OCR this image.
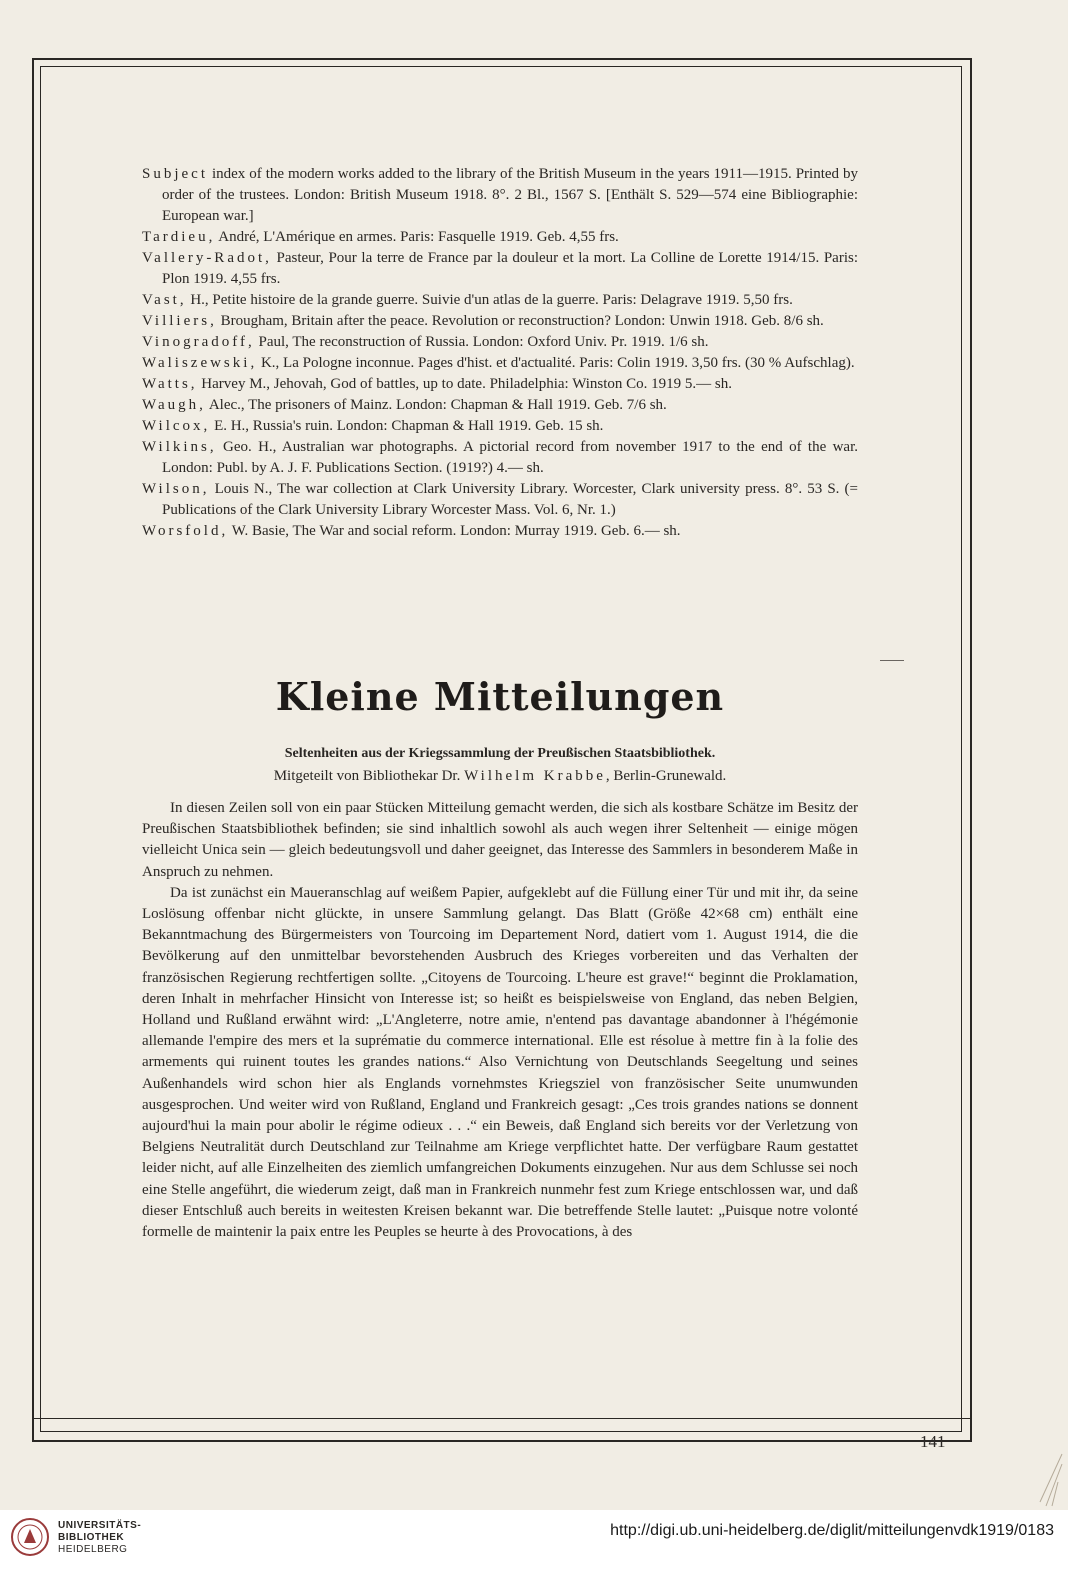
Subject index of the modern works added to the library of the British Museum in the years 1911—1915. Printed by order of the trustees. London: British Museum 1918. 8°. 2 Bl., 1567 S. [Enthält S. 529—574 eine Bibliographie: European war.]

Tardieu, André, L'Amérique en armes. Paris: Fasquelle 1919. Geb. 4,55 frs.

Vallery-Radot, Pasteur, Pour la terre de France par la douleur et la mort. La Colline de Lorette 1914/15. Paris: Plon 1919. 4,55 frs.

Vast, H., Petite histoire de la grande guerre. Suivie d'un atlas de la guerre. Paris: Delagrave 1919. 5,50 frs.

Villiers, Brougham, Britain after the peace. Revolution or reconstruction? London: Unwin 1918. Geb. 8/6 sh.

Vinogradoff, Paul, The reconstruction of Russia. London: Oxford Univ. Pr. 1919. 1/6 sh.

Waliszewski, K., La Pologne inconnue. Pages d'hist. et d'actualité. Paris: Colin 1919. 3,50 frs. (30 % Aufschlag).

Watts, Harvey M., Jehovah, God of battles, up to date. Philadelphia: Winston Co. 1919 5.— sh.

Waugh, Alec., The prisoners of Mainz. London: Chapman & Hall 1919. Geb. 7/6 sh.

Wilcox, E. H., Russia's ruin. London: Chapman & Hall 1919. Geb. 15 sh.

Wilkins, Geo. H., Australian war photographs. A pictorial record from november 1917 to the end of the war. London: Publ. by A. J. F. Publications Section. (1919?) 4.— sh.

Wilson, Louis N., The war collection at Clark University Library. Worcester, Clark university press. 8°. 53 S. (= Publications of the Clark University Library Worcester Mass. Vol. 6, Nr. 1.)

Worsfold, W. Basie, The War and social reform. London: Murray 1919. Geb. 6.— sh.

Kleine Mitteilungen
Seltenheiten aus der Kriegssammlung der Preußischen Staatsbibliothek.
Mitgeteilt von Bibliothekar Dr. Wilhelm Krabbe, Berlin-Grunewald.

In diesen Zeilen soll von ein paar Stücken Mitteilung gemacht werden, die sich als kostbare Schätze im Besitz der Preußischen Staatsbibliothek befinden; sie sind inhaltlich sowohl als auch wegen ihrer Seltenheit — einige mögen vielleicht Unica sein — gleich bedeutungsvoll und daher geeignet, das Interesse des Sammlers in besonderem Maße in Anspruch zu nehmen.

Da ist zunächst ein Maueranschlag auf weißem Papier, aufgeklebt auf die Füllung einer Tür und mit ihr, da seine Loslösung offenbar nicht glückte, in unsere Sammlung gelangt. Das Blatt (Größe 42×68 cm) enthält eine Bekanntmachung des Bürgermeisters von Tourcoing im Departement Nord, datiert vom 1. August 1914, die die Bevölkerung auf den unmittelbar bevorstehenden Ausbruch des Krieges vorbereiten und das Verhalten der französischen Regierung rechtfertigen sollte. „Citoyens de Tourcoing. L'heure est grave!“ beginnt die Proklamation, deren Inhalt in mehrfacher Hinsicht von Interesse ist; so heißt es beispielsweise von England, das neben Belgien, Holland und Rußland erwähnt wird: „L'Angleterre, notre amie, n'entend pas davantage abandonner à l'hégémonie allemande l'empire des mers et la suprématie du commerce international. Elle est résolue à mettre fin à la folie des armements qui ruinent toutes les grandes nations.“ Also Vernichtung von Deutschlands Seegeltung und seines Außenhandels wird schon hier als Englands vornehmstes Kriegsziel von französischer Seite unumwunden ausgesprochen. Und weiter wird von Rußland, England und Frankreich gesagt: „Ces trois grandes nations se donnent aujourd'hui la main pour abolir le régime odieux . . .“ ein Beweis, daß England sich bereits vor der Verletzung von Belgiens Neutralität durch Deutschland zur Teilnahme am Kriege verpflichtet hatte. Der verfügbare Raum gestattet leider nicht, auf alle Einzelheiten des ziemlich umfangreichen Dokuments einzugehen. Nur aus dem Schlusse sei noch eine Stelle angeführt, die wiederum zeigt, daß man in Frankreich nunmehr fest zum Kriege entschlossen war, und daß dieser Entschluß auch bereits in weitesten Kreisen bekannt war. Die betreffende Stelle lautet: „Puisque notre volonté formelle de maintenir la paix entre les Peuples se heurte à des Provocations, à des

141
UNIVERSITÄTS-
BIBLIOTHEK
HEIDELBERG
http://digi.ub.uni-heidelberg.de/diglit/mitteilungenvdk1919/0183
